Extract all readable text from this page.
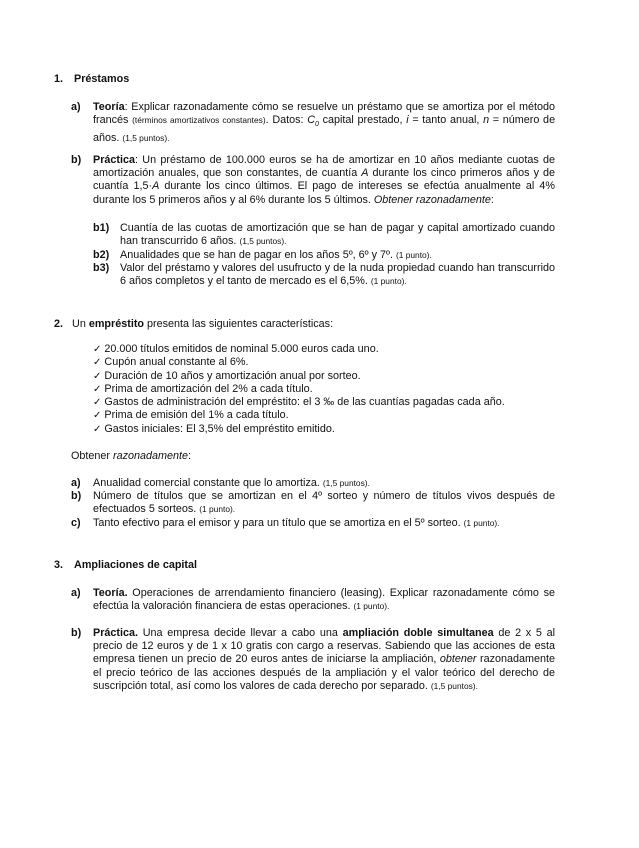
1. Préstamos
a) Teoría: Explicar razonadamente cómo se resuelve un préstamo que se amortiza por el método francés (términos amortizativos constantes). Datos: $C_0$ capital prestado, i = tanto anual, n = número de años. (1,5 puntos).
b) Práctica: Un préstamo de 100.000 euros se ha de amortizar en 10 años mediante cuotas de amortización anuales, que son constantes, de cuantía A durante los cinco primeros años y de cuantía 1,5·A durante los cinco últimos. El pago de intereses se efectúa anualmente al 4% durante los 5 primeros años y al 6% durante los 5 últimos. Obtener razonadamente:
b1) Cuantía de las cuotas de amortización que se han de pagar y capital amortizado cuando han transcurrido 6 años. (1,5 puntos).
b2) Anualidades que se han de pagar en los años 5º, 6º y 7º. (1 punto).
b3) Valor del préstamo y valores del usufructo y de la nuda propiedad cuando han transcurrido 6 años completos y el tanto de mercado es el 6,5%. (1 punto).
2. Un empréstito presenta las siguientes características:
✓ 20.000 títulos emitidos de nominal 5.000 euros cada uno.
✓ Cupón anual constante al 6%.
✓ Duración de 10 años y amortización anual por sorteo.
✓ Prima de amortización del 2% a cada título.
✓ Gastos de administración del empréstito: el 3 ‰ de las cuantías pagadas cada año.
✓ Prima de emisión del 1% a cada título.
✓ Gastos iniciales: El 3,5% del empréstito emitido.
Obtener razonadamente:
a) Anualidad comercial constante que lo amortiza. (1,5 puntos).
b) Número de títulos que se amortizan en el 4º sorteo y número de títulos vivos después de efectuados 5 sorteos. (1 punto).
c) Tanto efectivo para el emisor y para un título que se amortiza en el 5º sorteo. (1 punto).
3. Ampliaciones de capital
a) Teoría. Operaciones de arrendamiento financiero (leasing). Explicar razonadamente cómo se efectúa la valoración financiera de estas operaciones. (1 punto).
b) Práctica. Una empresa decide llevar a cabo una ampliación doble simultanea de 2 x 5 al precio de 12 euros y de 1 x 10 gratis con cargo a reservas. Sabiendo que las acciones de esta empresa tienen un precio de 20 euros antes de iniciarse la ampliación, obtener razonadamente el precio teórico de las acciones después de la ampliación y el valor teórico del derecho de suscripción total, así como los valores de cada derecho por separado. (1,5 puntos).
